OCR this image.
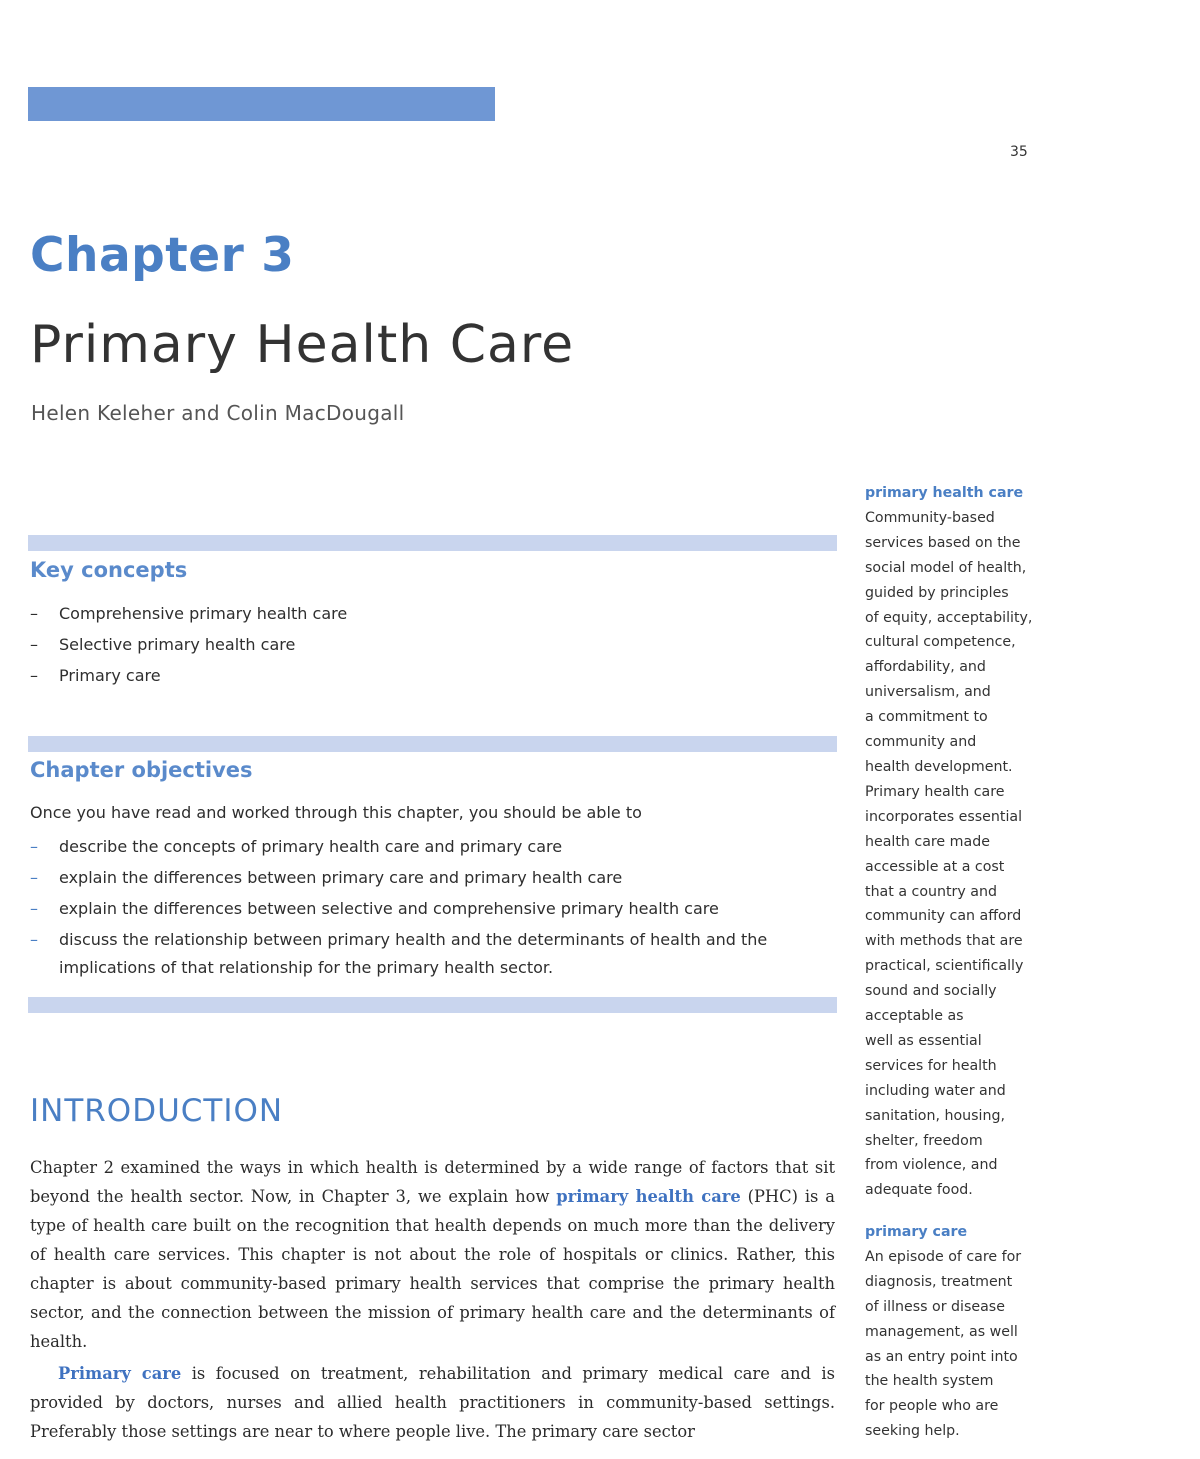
35
Chapter 3
Primary Health Care
Helen Keleher and Colin MacDougall
Key concepts
– Comprehensive primary health care
– Selective primary health care
– Primary care
Chapter objectives
Once you have read and worked through this chapter, you should be able to
– describe the concepts of primary health care and primary care
– explain the differences between primary care and primary health care
– explain the differences between selective and comprehensive primary health care
– discuss the relationship between primary health and the determinants of health and the implications of that relationship for the primary health sector.
INTRODUCTION

Chapter 2 examined the ways in which health is determined by a wide range of factors that sit beyond the health sector. Now, in Chapter 3, we explain how primary health care (PHC) is a type of health care built on the recognition that health depends on much more than the delivery of health care services. This chapter is not about the role of hospitals or clinics. Rather, this chapter is about community-based primary health services that comprise the primary health sector, and the connection between the mission of primary health care and the determinants of health.

Primary care is focused on treatment, rehabilitation and primary medical care and is provided by doctors, nurses and allied health practitioners in community-based settings. Preferably those settings are near to where people live. The primary care sector

primary health care
Community-based
services based on the
social model of health,
guided by principles
of equity, acceptability,
cultural competence,
affordability, and
universalism, and
a commitment to
community and
health development.
Primary health care
incorporates essential
health care made
accessible at a cost
that a country and
community can afford
with methods that are
practical, scientifically
sound and socially
acceptable as
well as essential
services for health
including water and
sanitation, housing,
shelter, freedom
from violence, and
adequate food.
primary care
An episode of care for
diagnosis, treatment
of illness or disease
management, as well
as an entry point into
the health system
for people who are
seeking help.
